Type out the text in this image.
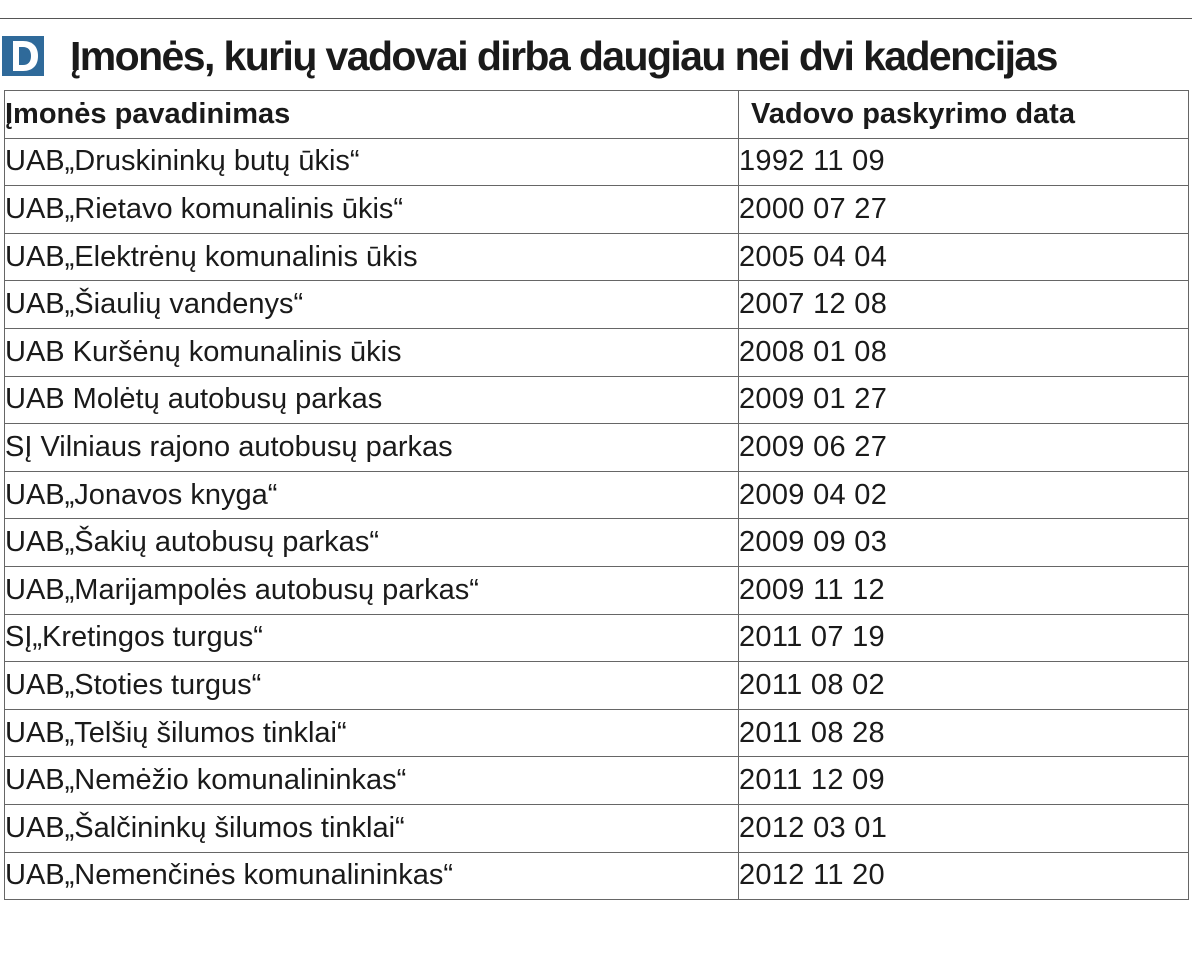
Įmonės, kurių vadovai dirba daugiau nei dvi kadencijas
Įmonės pavadinimas	Vadovo paskyrimo data
UAB„Druskininkų butų ūkis“	1992 11 09
UAB„Rietavo komunalinis ūkis“	2000 07 27
UAB„Elektrėnų komunalinis ūkis	2005 04 04
UAB„Šiaulių vandenys“	2007 12 08
UAB Kuršėnų komunalinis ūkis	2008 01 08
UAB Molėtų autobusų parkas	2009 01 27
SĮ Vilniaus rajono autobusų parkas	2009 06 27
UAB„Jonavos knyga“	2009 04 02
UAB„Šakių autobusų parkas“	2009 09 03
UAB„Marijampolės autobusų parkas“	2009 11 12
SĮ„Kretingos turgus“	2011 07 19
UAB„Stoties turgus“	2011 08 02
UAB„Telšių šilumos tinklai“	2011 08 28
UAB„Nemėžio komunalininkas“	2011 12 09
UAB„Šalčininkų šilumos tinklai“	2012 03 01
UAB„Nemenčinės komunalininkas“	2012 11 20
